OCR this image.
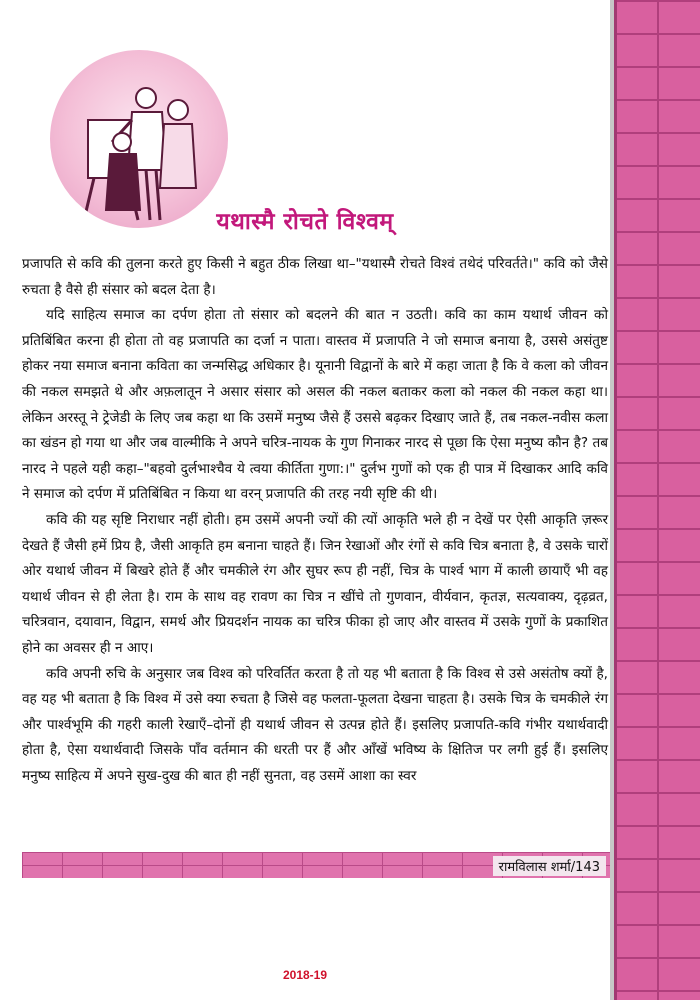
यथास्मै रोचते विश्वम्

प्रजापति से कवि की तुलना करते हुए किसी ने बहुत ठीक लिखा था–"यथास्मै रोचते विश्वं तथेदं परिवर्तते।" कवि को जैसे रुचता है वैसे ही संसार को बदल देता है।

यदि साहित्य समाज का दर्पण होता तो संसार को बदलने की बात न उठती। कवि का काम यथार्थ जीवन को प्रतिबिंबित करना ही होता तो वह प्रजापति का दर्जा न पाता। वास्तव में प्रजापति ने जो समाज बनाया है, उससे असंतुष्ट होकर नया समाज बनाना कविता का जन्मसिद्ध अधिकार है। यूनानी विद्वानों के बारे में कहा जाता है कि वे कला को जीवन की नकल समझते थे और अफ़लातून ने असार संसार को असल की नकल बताकर कला को नकल की नकल कहा था। लेकिन अरस्तू ने ट्रेजेडी के लिए जब कहा था कि उसमें मनुष्य जैसे हैं उससे बढ़कर दिखाए जाते हैं, तब नकल-नवीस कला का खंडन हो गया था और जब वाल्मीकि ने अपने चरित्र-नायक के गुण गिनाकर नारद से पूछा कि ऐसा मनुष्य कौन है? तब नारद ने पहले यही कहा–"बहवो दुर्लभाश्चैव ये त्वया कीर्तिता गुणा:।" दुर्लभ गुणों को एक ही पात्र में दिखाकर आदि कवि ने समाज को दर्पण में प्रतिबिंबित न किया था वरन् प्रजापति की तरह नयी सृष्टि की थी।

कवि की यह सृष्टि निराधार नहीं होती। हम उसमें अपनी ज्यों की त्यों आकृति भले ही न देखें पर ऐसी आकृति ज़रूर देखते हैं जैसी हमें प्रिय है, जैसी आकृति हम बनाना चाहते हैं। जिन रेखाओं और रंगों से कवि चित्र बनाता है, वे उसके चारों ओर यथार्थ जीवन में बिखरे होते हैं और चमकीले रंग और सुघर रूप ही नहीं, चित्र के पार्श्व भाग में काली छायाएँ भी वह यथार्थ जीवन से ही लेता है। राम के साथ वह रावण का चित्र न खींचे तो गुणवान, वीर्यवान, कृतज्ञ, सत्यवाक्य, दृढ़व्रत, चरित्रवान, दयावान, विद्वान, समर्थ और प्रियदर्शन नायक का चरित्र फीका हो जाए और वास्तव में उसके गुणों के प्रकाशित होने का अवसर ही न आए।

कवि अपनी रुचि के अनुसार जब विश्व को परिवर्तित करता है तो यह भी बताता है कि विश्व से उसे असंतोष क्यों है, वह यह भी बताता है कि विश्व में उसे क्या रुचता है जिसे वह फलता-फूलता देखना चाहता है। उसके चित्र के चमकीले रंग और पार्श्वभूमि की गहरी काली रेखाएँ–दोनों ही यथार्थ जीवन से उत्पन्न होते हैं। इसलिए प्रजापति-कवि गंभीर यथार्थवादी होता है, ऐसा यथार्थवादी जिसके पाँव वर्तमान की धरती पर हैं और आँखें भविष्य के क्षितिज पर लगी हुई हैं। इसलिए मनुष्य साहित्य में अपने सुख-दुख की बात ही नहीं सुनता, वह उसमें आशा का स्वर

रामविलास शर्मा/143
2018-19
